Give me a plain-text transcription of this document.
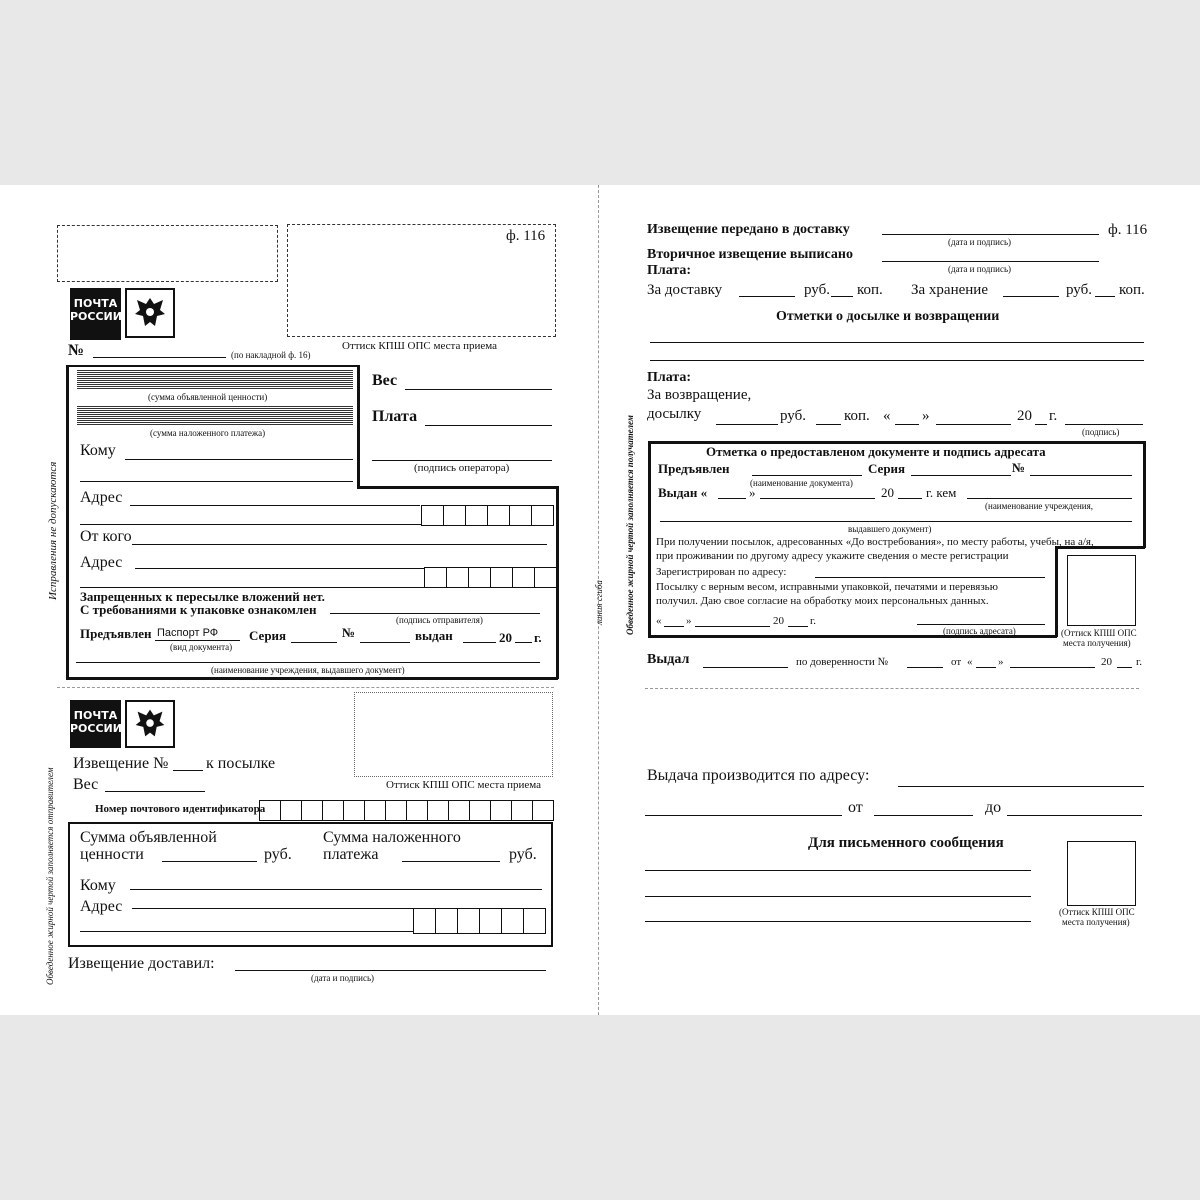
ф. 116
Оттиск КПШ ОПС места приема
ПОЧТА
РОССИИ
№	(по накладной ф. 16)
(сумма объявленной ценности)
(сумма наложенного платежа)
Вес
Плата
(подпись оператора)
Кому
Адрес
От кого
Адрес
Запрещенных к пересылке вложений нет.
С требованиями к упаковке ознакомлен
(подпись отправителя)
Предъявлен Паспорт РФ
(вид документа)
Серия	№	выдан	20 г.
(наименование учреждения, выдавшего документ)
Исправления не допускаются
Обведенное жирной чертой заполняется отправителем
ПОЧТА
РОССИИ
Оттиск КПШ ОПС места приема
Извещение № к посылке
Вес
Номер почтового идентификатора
Сумма объявленной
ценности	руб.
Сумма наложенного
платежа	руб.
Кому
Адрес
Извещение доставил:
(дата и подпись)
Извещение передано в доставку
(дата и подпись)
ф. 116
Вторичное извещение выписано
(дата и подпись)
Плата:
За доставку	руб. коп. За хранение	руб. коп.
Отметки о досылке и возвращении
Плата:
За возвращение,
досылку	руб.	коп. « »	20 г.
(подпись)
Отметка о предоставленом документе и подпись адресата
Предъявлен	Серия	№
Выдан «	»
(наименование документа)
20 г. кем
(наименование учреждения,
выдавшего документ)
При получении посылок, адресованных «До востребования», по месту работы, учебы, на а/я,
при проживании по другому адресу укажите сведения о месте регистрации
Зарегистрирован по адресу:
Посылку с верным весом, исправными упаковкой, печатями и перевязью
получил. Даю свое согласие на обработку моих персональных данных.
« »	20 г.
(подпись адресата)	(Оттиск КПШ ОПС
места получения)
Выдал	по доверенности №	от « »	20 г.
Обведенное жирной чертой заполняется получателем
линия сгиба
Выдача производится по адресу:
от	до
Для письменного сообщения
(Оттиск КПШ ОПС
места получения)
